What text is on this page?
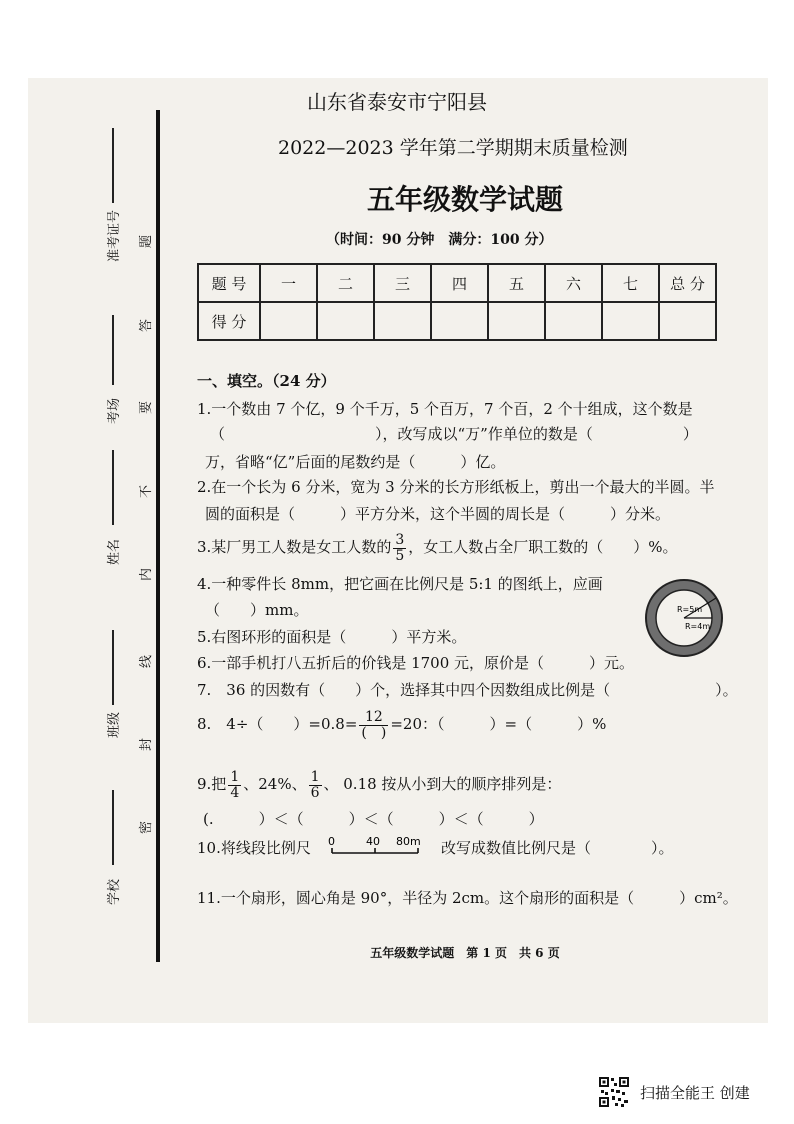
准考证号
考场
姓名
班级
学校
题
答
要
不
内
线
封
密
山东省泰安市宁阳县
2022—2023 学年第二学期期末质量检测
五年级数学试题
（时间：90 分钟　满分：100 分）
题 号	一	二	三	四	五	六	七	总 分
得 分								
一、填空。（24 分）
1.一个数由 7 个亿，9 个千万，5 个百万，7 个百，2 个十组成，这个数是
（　　　　　　　　　　），改写成以“万”作单位的数是（　　　　　　）
万，省略“亿”后面的尾数约是（　　　）亿。
2.在一个长为 6 分米，宽为 3 分米的长方形纸板上，剪出一个最大的半圆。半
圆的面积是（　　　）平方分米，这个半圆的周长是（　　　）分米。
3.某厂男工人数是女工人数的 $\frac{3}{5}$ ，女工人数占全厂职工数的（　　）%。
4.一种零件长 8mm，把它画在比例尺是 5:1 的图纸上，应画
（　　）mm。
5.右图环形的面积是（　　　）平方米。
R=5m
R=4m
6.一部手机打八五折后的价钱是 1700 元，原价是（　　　）元。
7.　36 的因数有（　　）个，选择其中四个因数组成比例是（　　　　　　　）。
8.　4÷（　　）$=0.8= \frac{12}{( )} =20$：（　　　）=（　　　）%
9.把 $\frac{1}{4}$ 、24%、 $\frac{1}{6}$ 、 0.18 按从小到大的顺序排列是：
(.　　　）＜（　　　）＜（　　　）＜（　　　）
10.将线段比例尺 0	40 80m 改写成数值比例尺是（　　　　）。
11.一个扇形，圆心角是 90°，半径为 2cm。这个扇形的面积是（　　　）cm²。
五年级数学试题　第 1 页　共 6 页
扫描全能王 创建
